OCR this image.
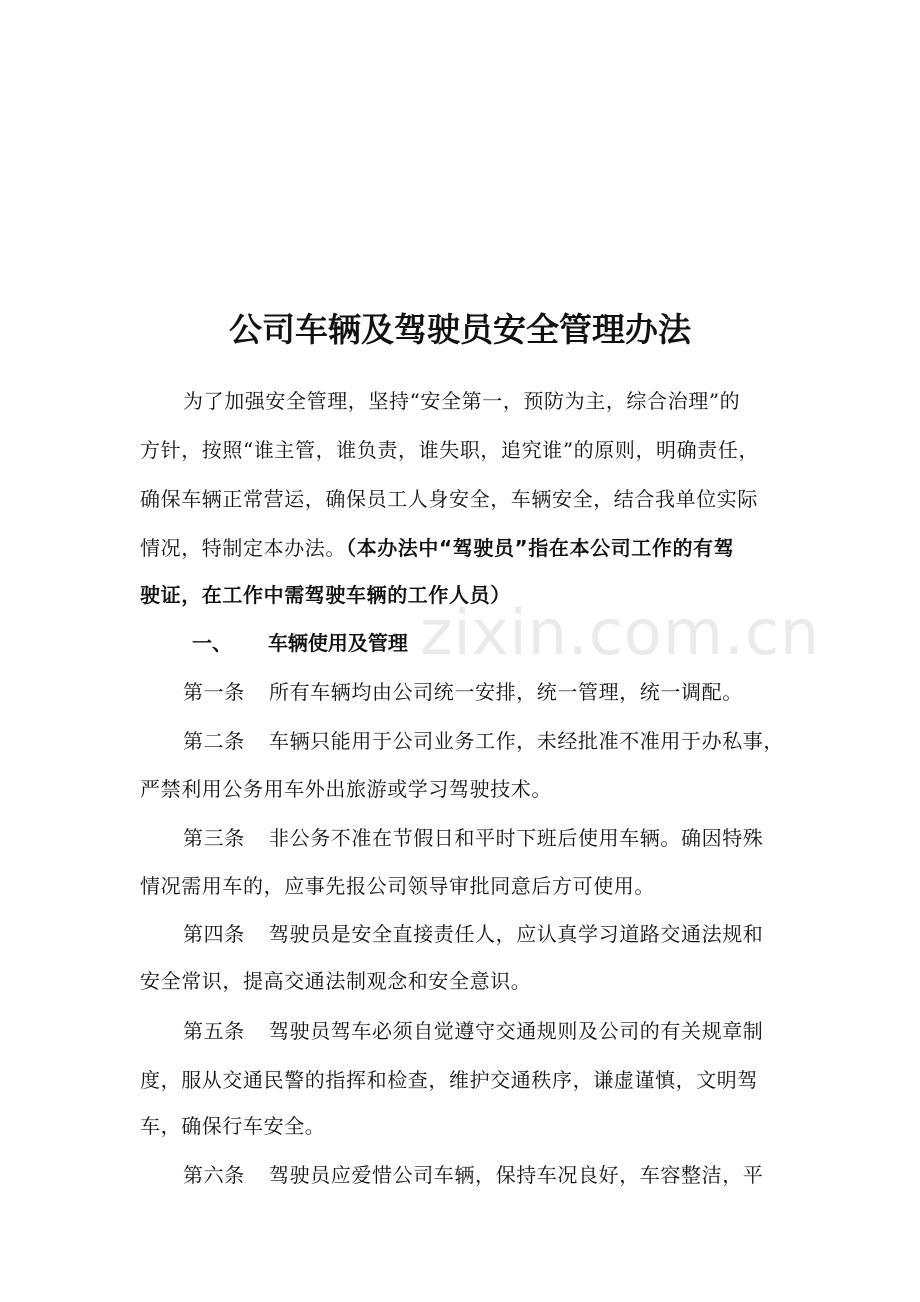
zixin.com.cn
公司车辆及驾驶员安全管理办法
为了加强安全管理，坚持“安全第一，预防为主，综合治理”的
方针，按照“谁主管，谁负责，谁失职，追究谁”的原则，明确责任，
确保车辆正常营运，确保员工人身安全，车辆安全，结合我单位实际
情况，特制定本办法。（本办法中“驾驶员”指在本公司工作的有驾
驶证，在工作中需驾驶车辆的工作人员）
一、 车辆使用及管理
第一条 所有车辆均由公司统一安排，统一管理，统一调配。
第二条 车辆只能用于公司业务工作，未经批准不准用于办私事，
严禁利用公务用车外出旅游或学习驾驶技术。
第三条 非公务不准在节假日和平时下班后使用车辆。确因特殊
情况需用车的，应事先报公司领导审批同意后方可使用。
第四条 驾驶员是安全直接责任人，应认真学习道路交通法规和
安全常识，提高交通法制观念和安全意识。
第五条 驾驶员驾车必须自觉遵守交通规则及公司的有关规章制
度，服从交通民警的指挥和检查，维护交通秩序，谦虚谨慎，文明驾
车，确保行车安全。
第六条 驾驶员应爱惜公司车辆，保持车况良好，车容整洁，平
